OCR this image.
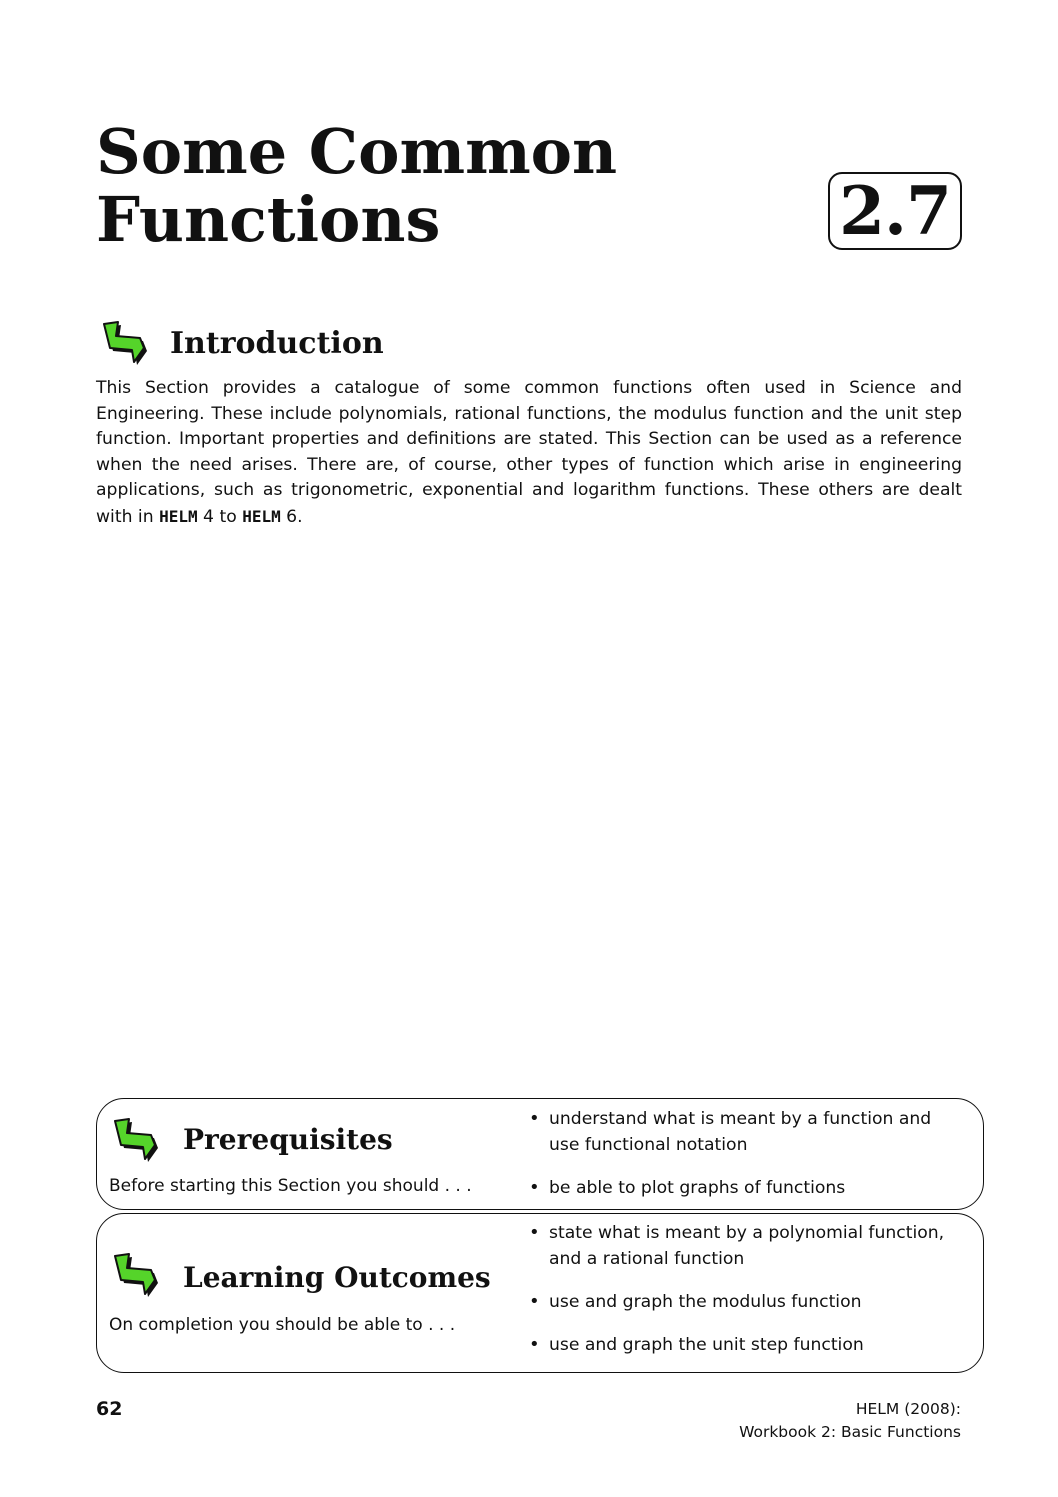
Some Common
Functions	2.7
Introduction
This Section provides a catalogue of some common functions often used in Science and Engineering. These include polynomials, rational functions, the modulus function and the unit step function. Important properties and definitions are stated. This Section can be used as a reference when the need arises. There are, of course, other types of function which arise in engineering applications, such as trigonometric, exponential and logarithm functions. These others are dealt with in HELM 4 to HELM 6.
Prerequisites
Before starting this Section you should . . .
• understand what is meant by a function and use functional notation
• be able to plot graphs of functions
Learning Outcomes
On completion you should be able to . . .
• state what is meant by a polynomial function, and a rational function
• use and graph the modulus function
• use and graph the unit step function
62	HELM (2008):
Workbook 2: Basic Functions
